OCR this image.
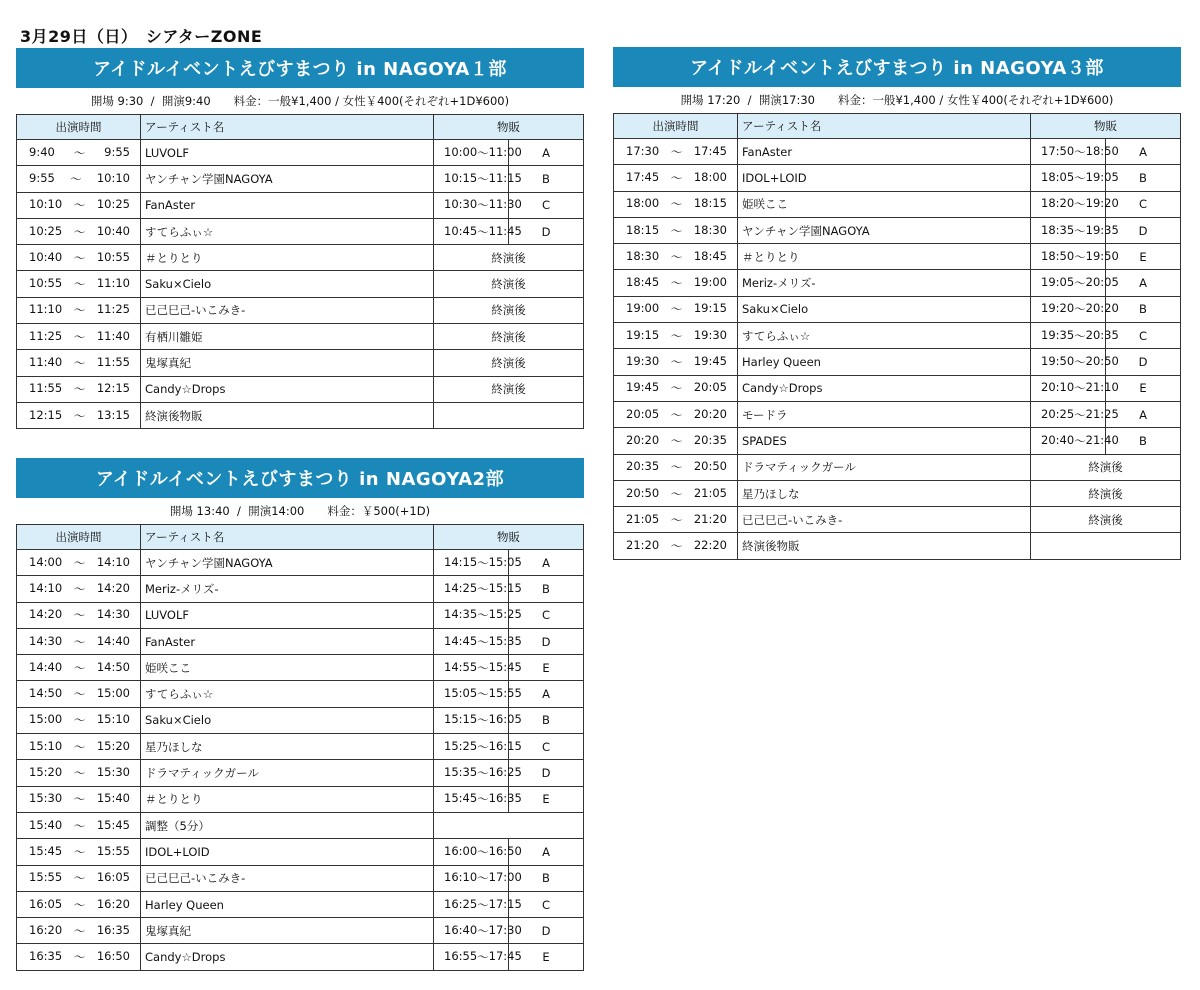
3月29日（日）　シアターZONE
アイドルイベントえびすまつり in NAGOYA１部
開場 9:30  /  開演9:40　　料金：一般¥1,400 / 女性￥400(それぞれ+1D¥600)
出演時間	アーティスト名	物販	

9:40 ～ 9:55	LUVOLF	10:00 ～ 11:00	A

9:55 ～ 10:10	ヤンチャン学園NAGOYA	10:15 ～ 11:15	B

10:10 ～ 10:25	FanAster	10:30 ～ 11:30	C

10:25 ～ 10:40	すてらふぃ☆	10:45 ～ 11:45	D

10:40 ～ 10:55	＃とりとり	終演後	

10:55 ～ 11:10	Saku×Cielo	終演後	

11:10 ～ 11:25	已己巳己-いこみき-	終演後	

11:25 ～ 11:40	有栖川雛姫	終演後	

11:40 ～ 11:55	鬼塚真紀	終演後	

11:55 ～ 12:15	Candy☆Drops	終演後	

12:15 ～ 13:15	終演後物販		

アイドルイベントえびすまつり in NAGOYA2部
開場 13:40  /  開演14:00　　料金：￥500(+1D)
出演時間	アーティスト名	物販	

14:00 ～ 14:10	ヤンチャン学園NAGOYA	14:15 ～ 15:05	A

14:10 ～ 14:20	Meriz-メリズ-	14:25 ～ 15:15	B

14:20 ～ 14:30	LUVOLF	14:35 ～ 15:25	C

14:30 ～ 14:40	FanAster	14:45 ～ 15:35	D

14:40 ～ 14:50	姫咲ここ	14:55 ～ 15:45	E

14:50 ～ 15:00	すてらふぃ☆	15:05 ～ 15:55	A

15:00 ～ 15:10	Saku×Cielo	15:15 ～ 16:05	B

15:10 ～ 15:20	星乃ほしな	15:25 ～ 16:15	C

15:20 ～ 15:30	ドラマティックガール	15:35 ～ 16:25	D

15:30 ～ 15:40	＃とりとり	15:45 ～ 16:35	E

15:40 ～ 15:45	調整（5分）		

15:45 ～ 15:55	IDOL+LOID	16:00 ～ 16:50	A

15:55 ～ 16:05	已己巳己-いこみき-	16:10 ～ 17:00	B

16:05 ～ 16:20	Harley Queen	16:25 ～ 17:15	C

16:20 ～ 16:35	鬼塚真紀	16:40 ～ 17:30	D

16:35 ～ 16:50	Candy☆Drops	16:55 ～ 17:45	E
アイドルイベントえびすまつり in NAGOYA３部
開場 17:20  /  開演17:30　　料金：一般¥1,400 / 女性￥400(それぞれ+1D¥600)
出演時間	アーティスト名	物販	

17:30 ～ 17:45	FanAster	17:50 ～ 18:50	A

17:45 ～ 18:00	IDOL+LOID	18:05 ～ 19:05	B

18:00 ～ 18:15	姫咲ここ	18:20 ～ 19:20	C

18:15 ～ 18:30	ヤンチャン学園NAGOYA	18:35 ～ 19:35	D

18:30 ～ 18:45	＃とりとり	18:50 ～ 19:50	E

18:45 ～ 19:00	Meriz-メリズ-	19:05 ～ 20:05	A

19:00 ～ 19:15	Saku×Cielo	19:20 ～ 20:20	B

19:15 ～ 19:30	すてらふぃ☆	19:35 ～ 20:35	C

19:30 ～ 19:45	Harley Queen	19:50 ～ 20:50	D

19:45 ～ 20:05	Candy☆Drops	20:10 ～ 21:10	E

20:05 ～ 20:20	モードラ	20:25 ～ 21:25	A

20:20 ～ 20:35	SPADES	20:40 ～ 21:40	B

20:35 ～ 20:50	ドラマティックガール	終演後	

20:50 ～ 21:05	星乃ほしな	終演後	

21:05 ～ 21:20	已己巳己-いこみき-	終演後	

21:20 ～ 22:20	終演後物販		
